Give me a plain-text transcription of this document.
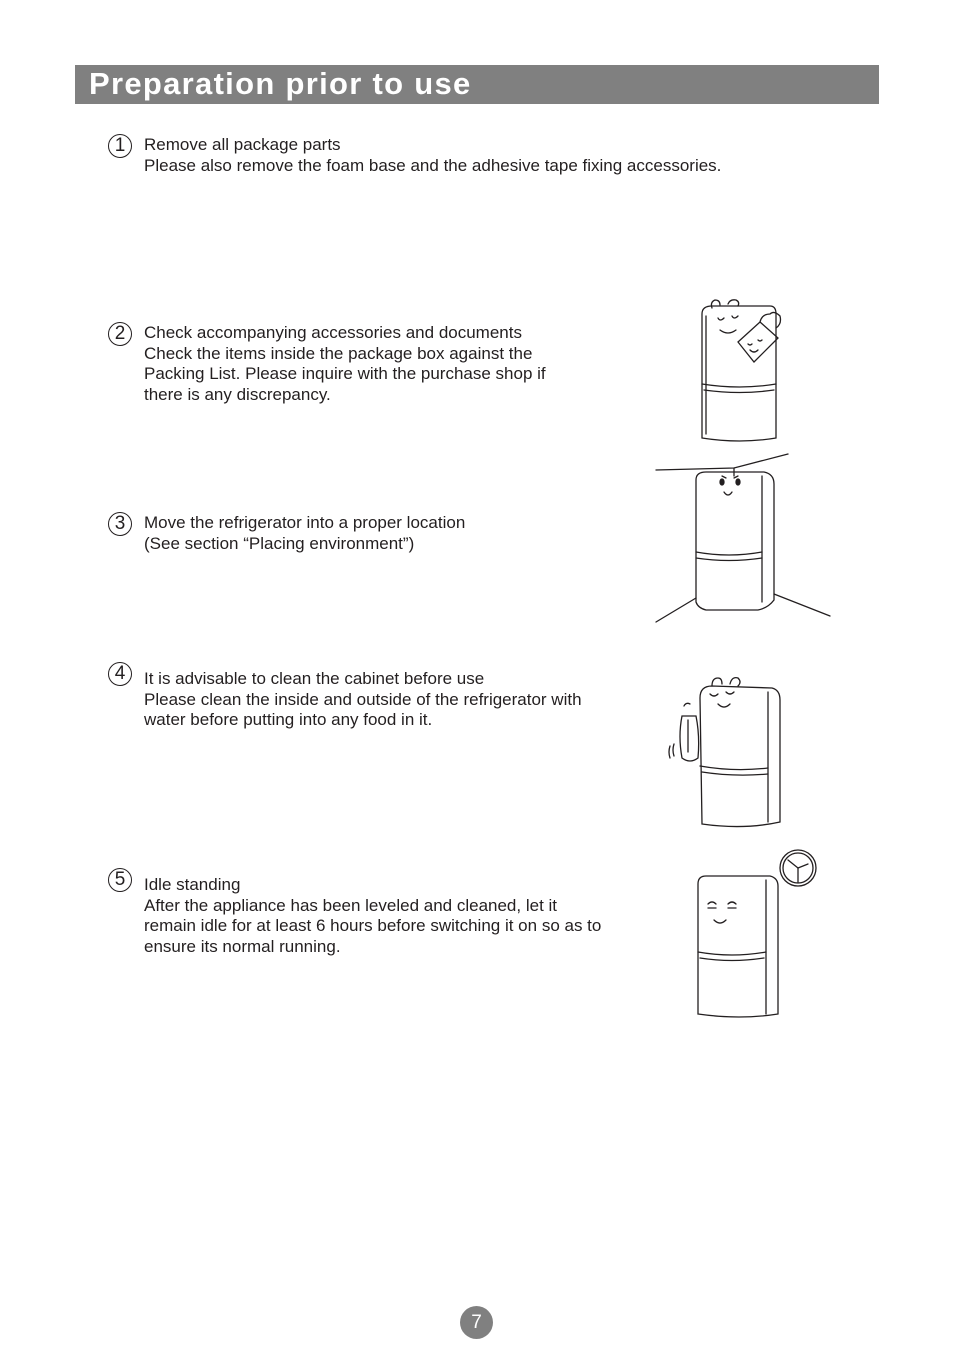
Preparation prior to use
1	Remove all package parts
Please also remove the foam base and the adhesive tape fixing accessories.
2	Check accompanying accessories and documents
Check the items inside the package box against the
Packing List. Please inquire with the purchase shop if
there is any discrepancy.
3	Move the refrigerator into a proper location
(See section “Placing environment”)
4	It is advisable to clean the cabinet before use
Please clean the inside and outside of the refrigerator with
water before putting into any food in it.
5	Idle standing
After the appliance has been leveled and cleaned, let it
remain idle for at least 6 hours before switching it on so as to
ensure its normal running.
7
